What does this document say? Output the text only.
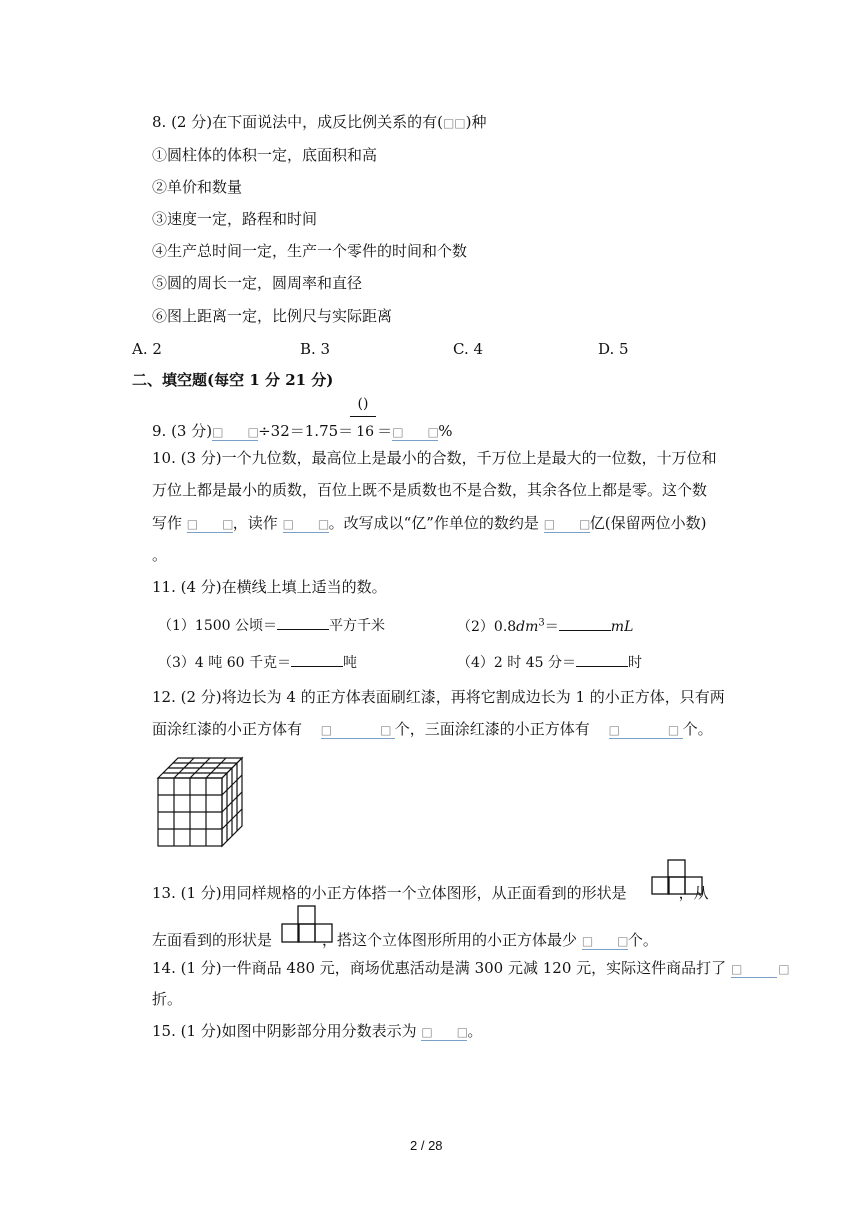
8. (2 分)在下面说法中，成反比例关系的有(□□)种
①圆柱体的体积一定，底面积和高
②单价和数量
③速度一定，路程和时间
④生产总时间一定，生产一个零件的时间和个数
⑤圆的周长一定，圆周率和直径
⑥图上距离一定，比例尺与实际距离
A. 2	B. 3	C. 4	D. 5
二、填空题(每空 1 分 21 分)
()
9. (3 分)□　　□÷32＝1.75＝ 16 ＝□　　□%
10. (3 分)一个九位数，最高位上是最小的合数，千万位上是最大的一位数，十万位和
万位上都是最小的质数，百位上既不是质数也不是合数，其余各位上都是零。这个数
写作 □　　□，读作 □　　□。改写成以“亿”作单位的数约是 □　　□亿(保留两位小数)
。
11. (4 分)在横线上填上适当的数。
（1）1500 公顷＝	平方千米	$(2)0.8dm^3=$	mL
（3）4 吨 60 千克＝	吨	（4）2 时 45 分＝	时
12. (2 分)将边长为 4 的正方体表面刷红漆，再将它割成边长为 1 的小正方体，只有两
面涂红漆的小正方体有 □　　　　□ 个，三面涂红漆的小正方体有 □　　　　□ 个。
13. (1 分)用同样规格的小正方体搭一个立体图形，从正面看到的形状是	，从
左面看到的形状是	，搭这个立体图形所用的小正方体最少 □　　□个。
14. (1 分)一件商品 480 元，商场优惠活动是满 300 元减 120 元，实际这件商品打了 □　　　□
折。
15. (1 分)如图中阴影部分用分数表示为 □　　□。
2 / 28
